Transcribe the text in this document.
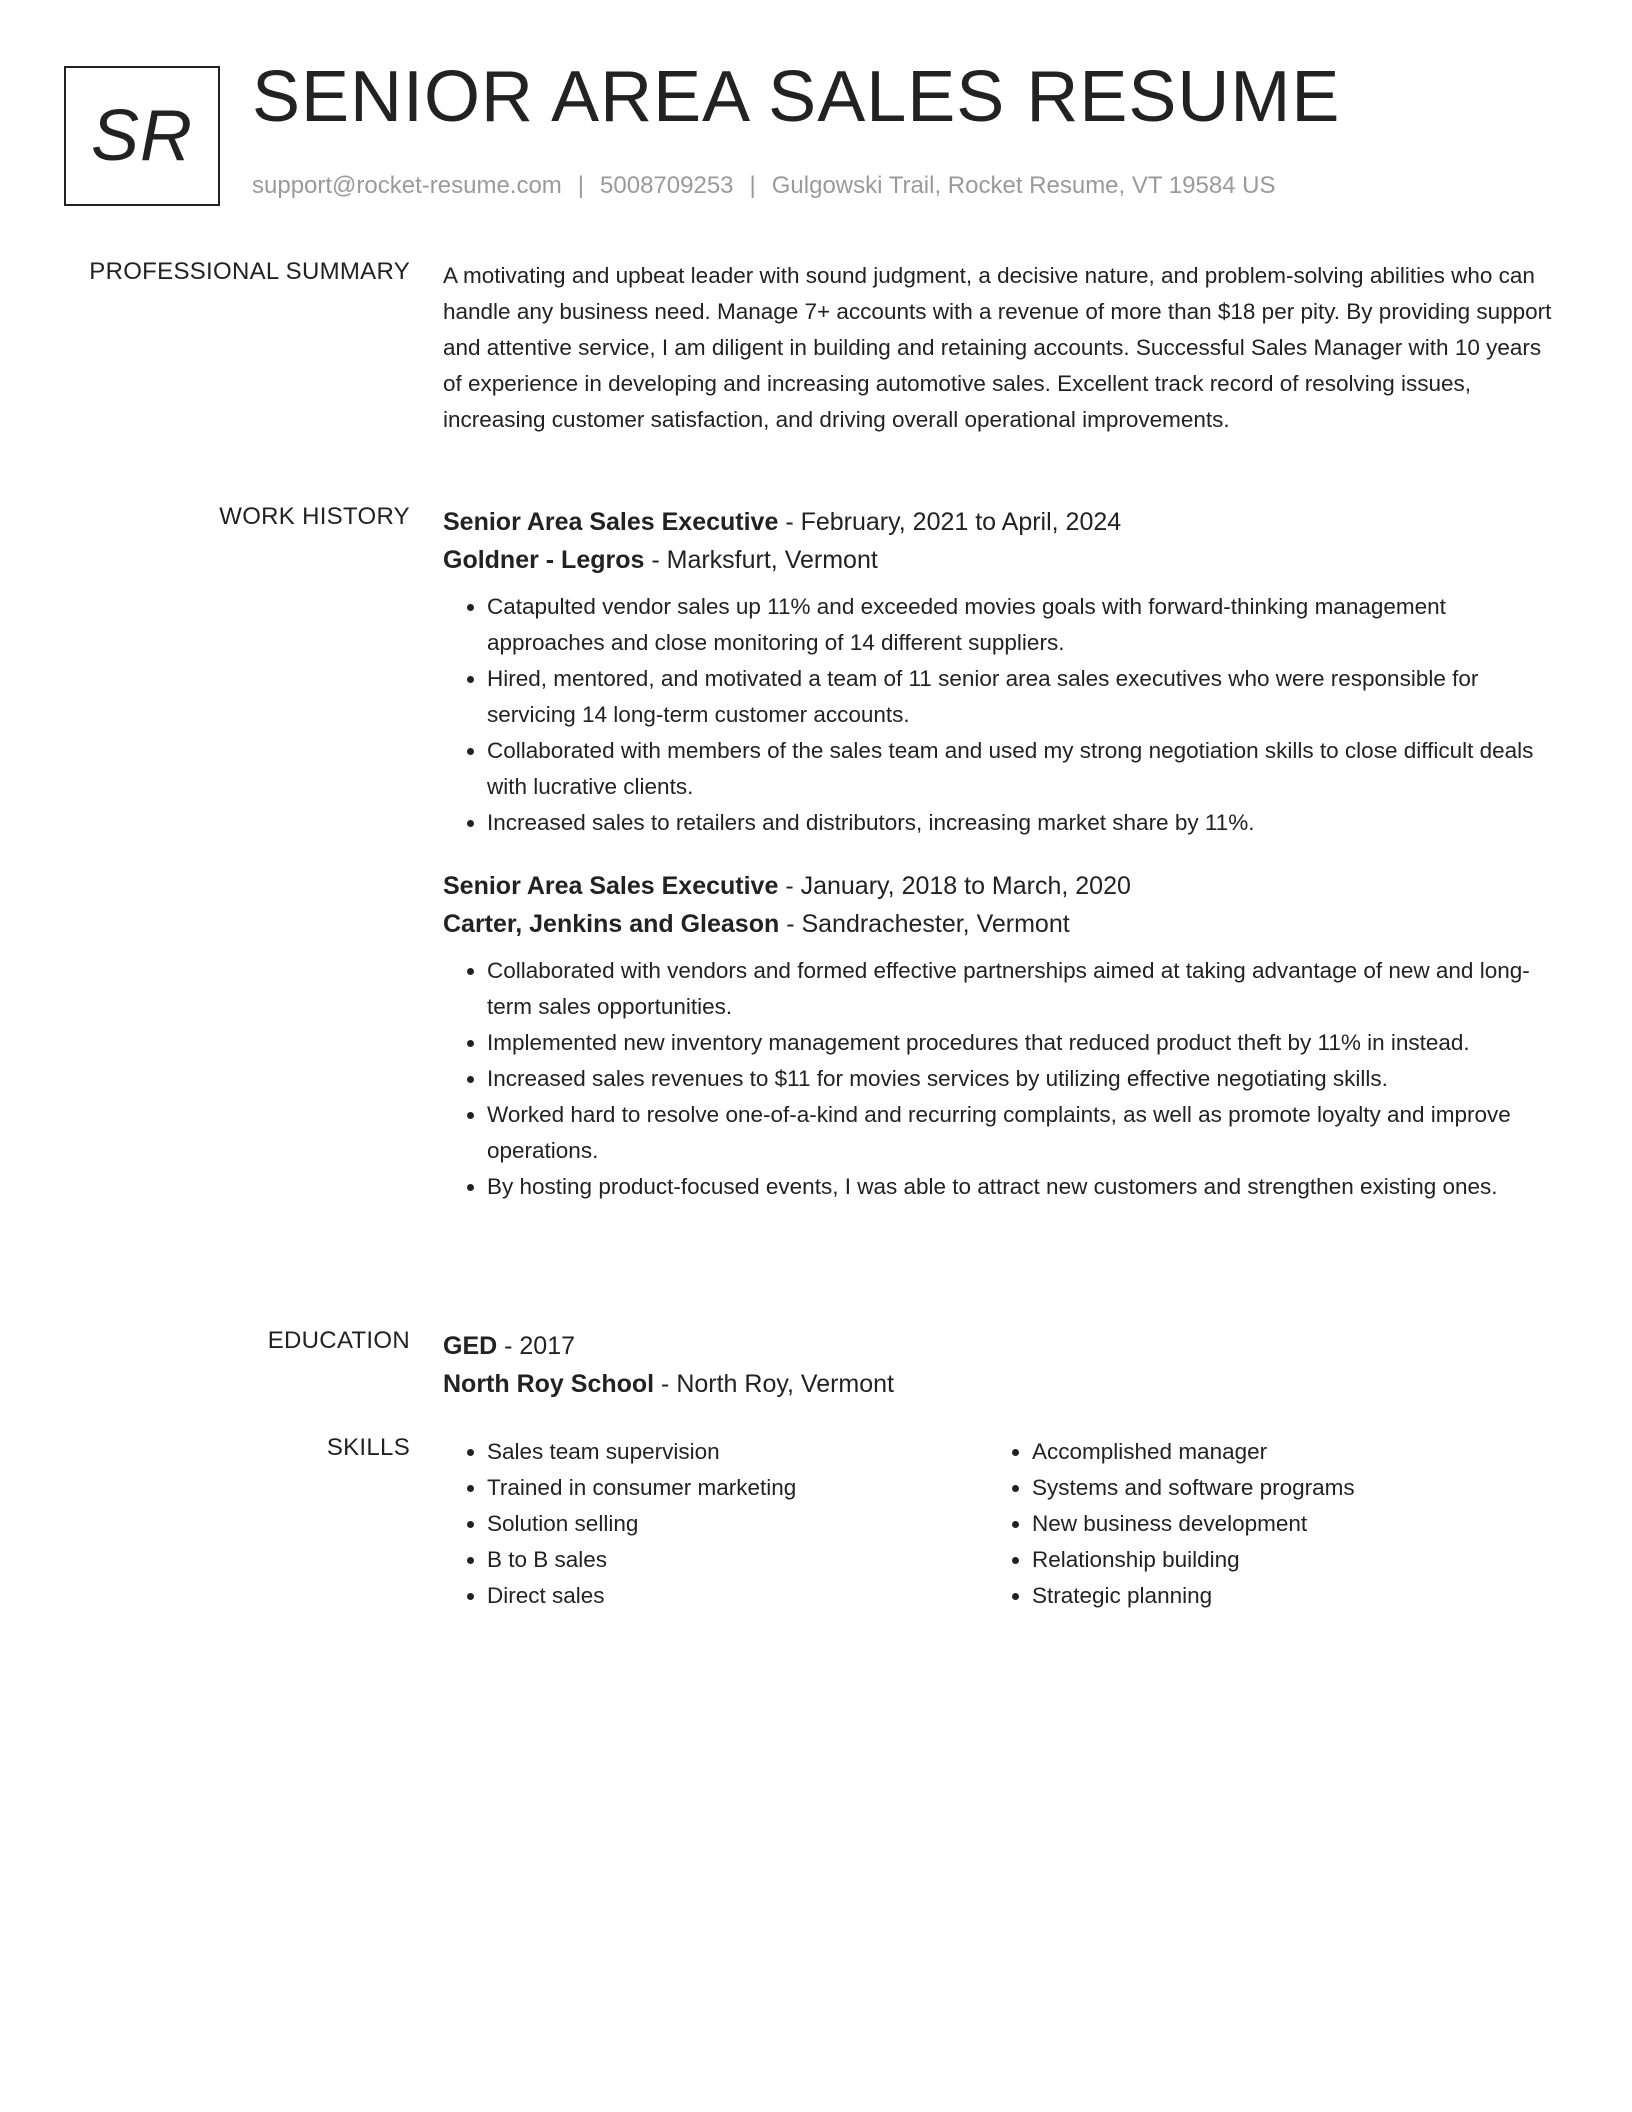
SR SENIOR AREA SALES RESUME
support@rocket-resume.com | 5008709253 | Gulgowski Trail, Rocket Resume, VT 19584 US
PROFESSIONAL SUMMARY A motivating and upbeat leader with sound judgment, a decisive nature, and problem-solving abilities who can handle any business need. Manage 7+ accounts with a revenue of more than $18 per pity. By providing support and attentive service, I am diligent in building and retaining accounts. Successful Sales Manager with 10 years of experience in developing and increasing automotive sales. Excellent track record of resolving issues, increasing customer satisfaction, and driving overall operational improvements.

WORK HISTORY Senior Area Sales Executive - February, 2021 to April, 2024

Goldner - Legros - Marksfurt, Vermont

• Catapulted vendor sales up 11% and exceeded movies goals with forward-thinking management approaches and close monitoring of 14 different suppliers.
• Hired, mentored, and motivated a team of 11 senior area sales executives who were responsible for servicing 14 long-term customer accounts.
• Collaborated with members of the sales team and used my strong negotiation skills to close difficult deals with lucrative clients.
• Increased sales to retailers and distributors, increasing market share by 11%.

Senior Area Sales Executive - January, 2018 to March, 2020

Carter, Jenkins and Gleason - Sandrachester, Vermont

• Collaborated with vendors and formed effective partnerships aimed at taking advantage of new and long-term sales opportunities.
• Implemented new inventory management procedures that reduced product theft by 11% in instead.
• Increased sales revenues to $11 for movies services by utilizing effective negotiating skills.
• Worked hard to resolve one-of-a-kind and recurring complaints, as well as promote loyalty and improve operations.
• By hosting product-focused events, I was able to attract new customers and strengthen existing ones.
EDUCATION GED - 2017

North Roy School - North Roy, Vermont

SKILLS
•	Sales team supervision
• Trained in consumer marketing
• Solution selling
• B to B sales
• Direct sales
• Accomplished manager
• Systems and software programs
• New business development
• Relationship building
• Strategic planning
